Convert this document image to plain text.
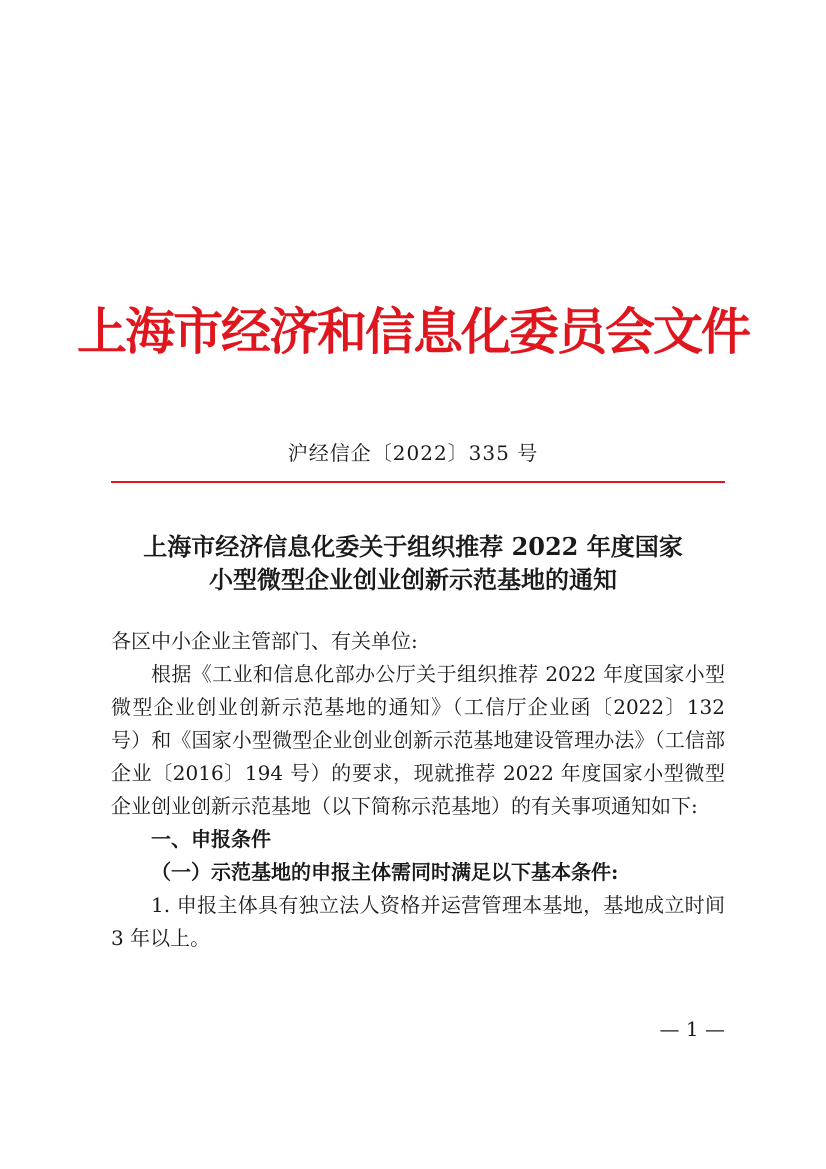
上海市经济和信息化委员会文件
沪经信企〔2022〕335 号
上海市经济信息化委关于组织推荐 2022 年度国家
小型微型企业创业创新示范基地的通知

各区中小企业主管部门、有关单位:

根据《工业和信息化部办公厅关于组织推荐 2022 年度国家小型微型企业创业创新示范基地的通知》（工信厅企业函〔2022〕132 号）和《国家小型微型企业创业创新示范基地建设管理办法》（工信部企业〔2016〕194 号）的要求，现就推荐 2022 年度国家小型微型企业创业创新示范基地（以下简称示范基地）的有关事项通知如下:

一、申报条件

（一）示范基地的申报主体需同时满足以下基本条件:

1. 申报主体具有独立法人资格并运营管理本基地，基地成立时间 3 年以上。

— 1 —
